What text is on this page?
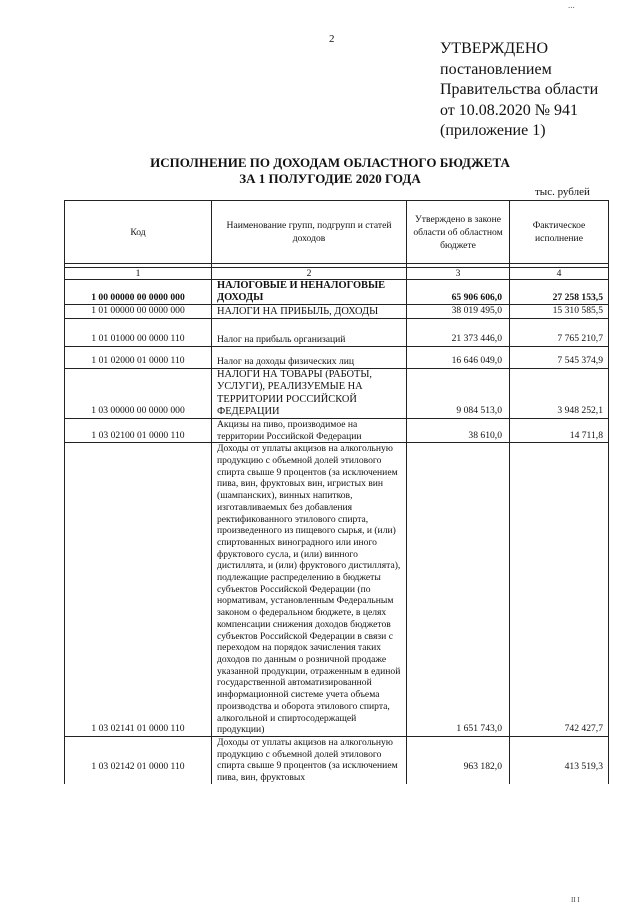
...
2
УТВЕРЖДЕНО
постановлением
Правительства области
от 10.08.2020 № 941
(приложение 1)
ИСПОЛНЕНИЕ ПО ДОХОДАМ ОБЛАСТНОГО БЮДЖЕТА
ЗА 1 ПОЛУГОДИЕ 2020 ГОДА
тыс. рублей
Код	Наименование групп, подгрупп и статей доходов	Утверждено в законе области об областном бюджете	Фактическое исполнение

1	2	3	4
1 00 00000 00 0000 000	НАЛОГОВЫЕ И НЕНАЛОГОВЫЕ ДОХОДЫ	65 906 606,0	27 258 153,5
1 01 00000 00 0000 000	НАЛОГИ НА ПРИБЫЛЬ, ДОХОДЫ	38 019 495,0	15 310 585,5
1 01 01000 00 0000 110	Налог на прибыль организаций	21 373 446,0	7 765 210,7
1 01 02000 01 0000 110	Налог на доходы физических лиц	16 646 049,0	7 545 374,9
1 03 00000 00 0000 000	НАЛОГИ НА ТОВАРЫ (РАБОТЫ, УСЛУГИ), РЕАЛИЗУЕМЫЕ НА ТЕРРИТОРИИ РОССИЙСКОЙ ФЕДЕРАЦИИ	9 084 513,0	3 948 252,1
1 03 02100 01 0000 110	Акцизы на пиво, производимое на территории Российской Федерации	38 610,0	14 711,8
1 03 02141 01 0000 110	Доходы от уплаты акцизов на алкогольную продукцию с объемной долей этилового спирта свыше 9 процентов (за исключением пива, вин, фруктовых вин, игристых вин (шампанских), винных напитков, изготавливаемых без добавления ректификованного этилового спирта, произведенного из пищевого сырья, и (или) спиртованных виноградного или иного фруктового сусла, и (или) винного дистиллята, и (или) фруктового дистиллята), подлежащие распределению в бюджеты субъектов Российской Федерации (по нормативам, установленным Федеральным законом о федеральном бюджете, в целях компенсации снижения доходов бюджетов субъектов Российской Федерации в связи с переходом на порядок зачисления таких доходов по данным о розничной продаже указанной продукции, отраженным в единой государственной автоматизированной информационной системе учета объема производства и оборота этилового спирта, алкогольной и спиртосодержащей продукции)	1 651 743,0	742 427,7
1 03 02142 01 0000 110	Доходы от уплаты акцизов на алкогольную продукцию с объемной долей этилового спирта свыше 9 процентов (за исключением пива, вин, фруктовых	963 182,0	413 519,3
II I
